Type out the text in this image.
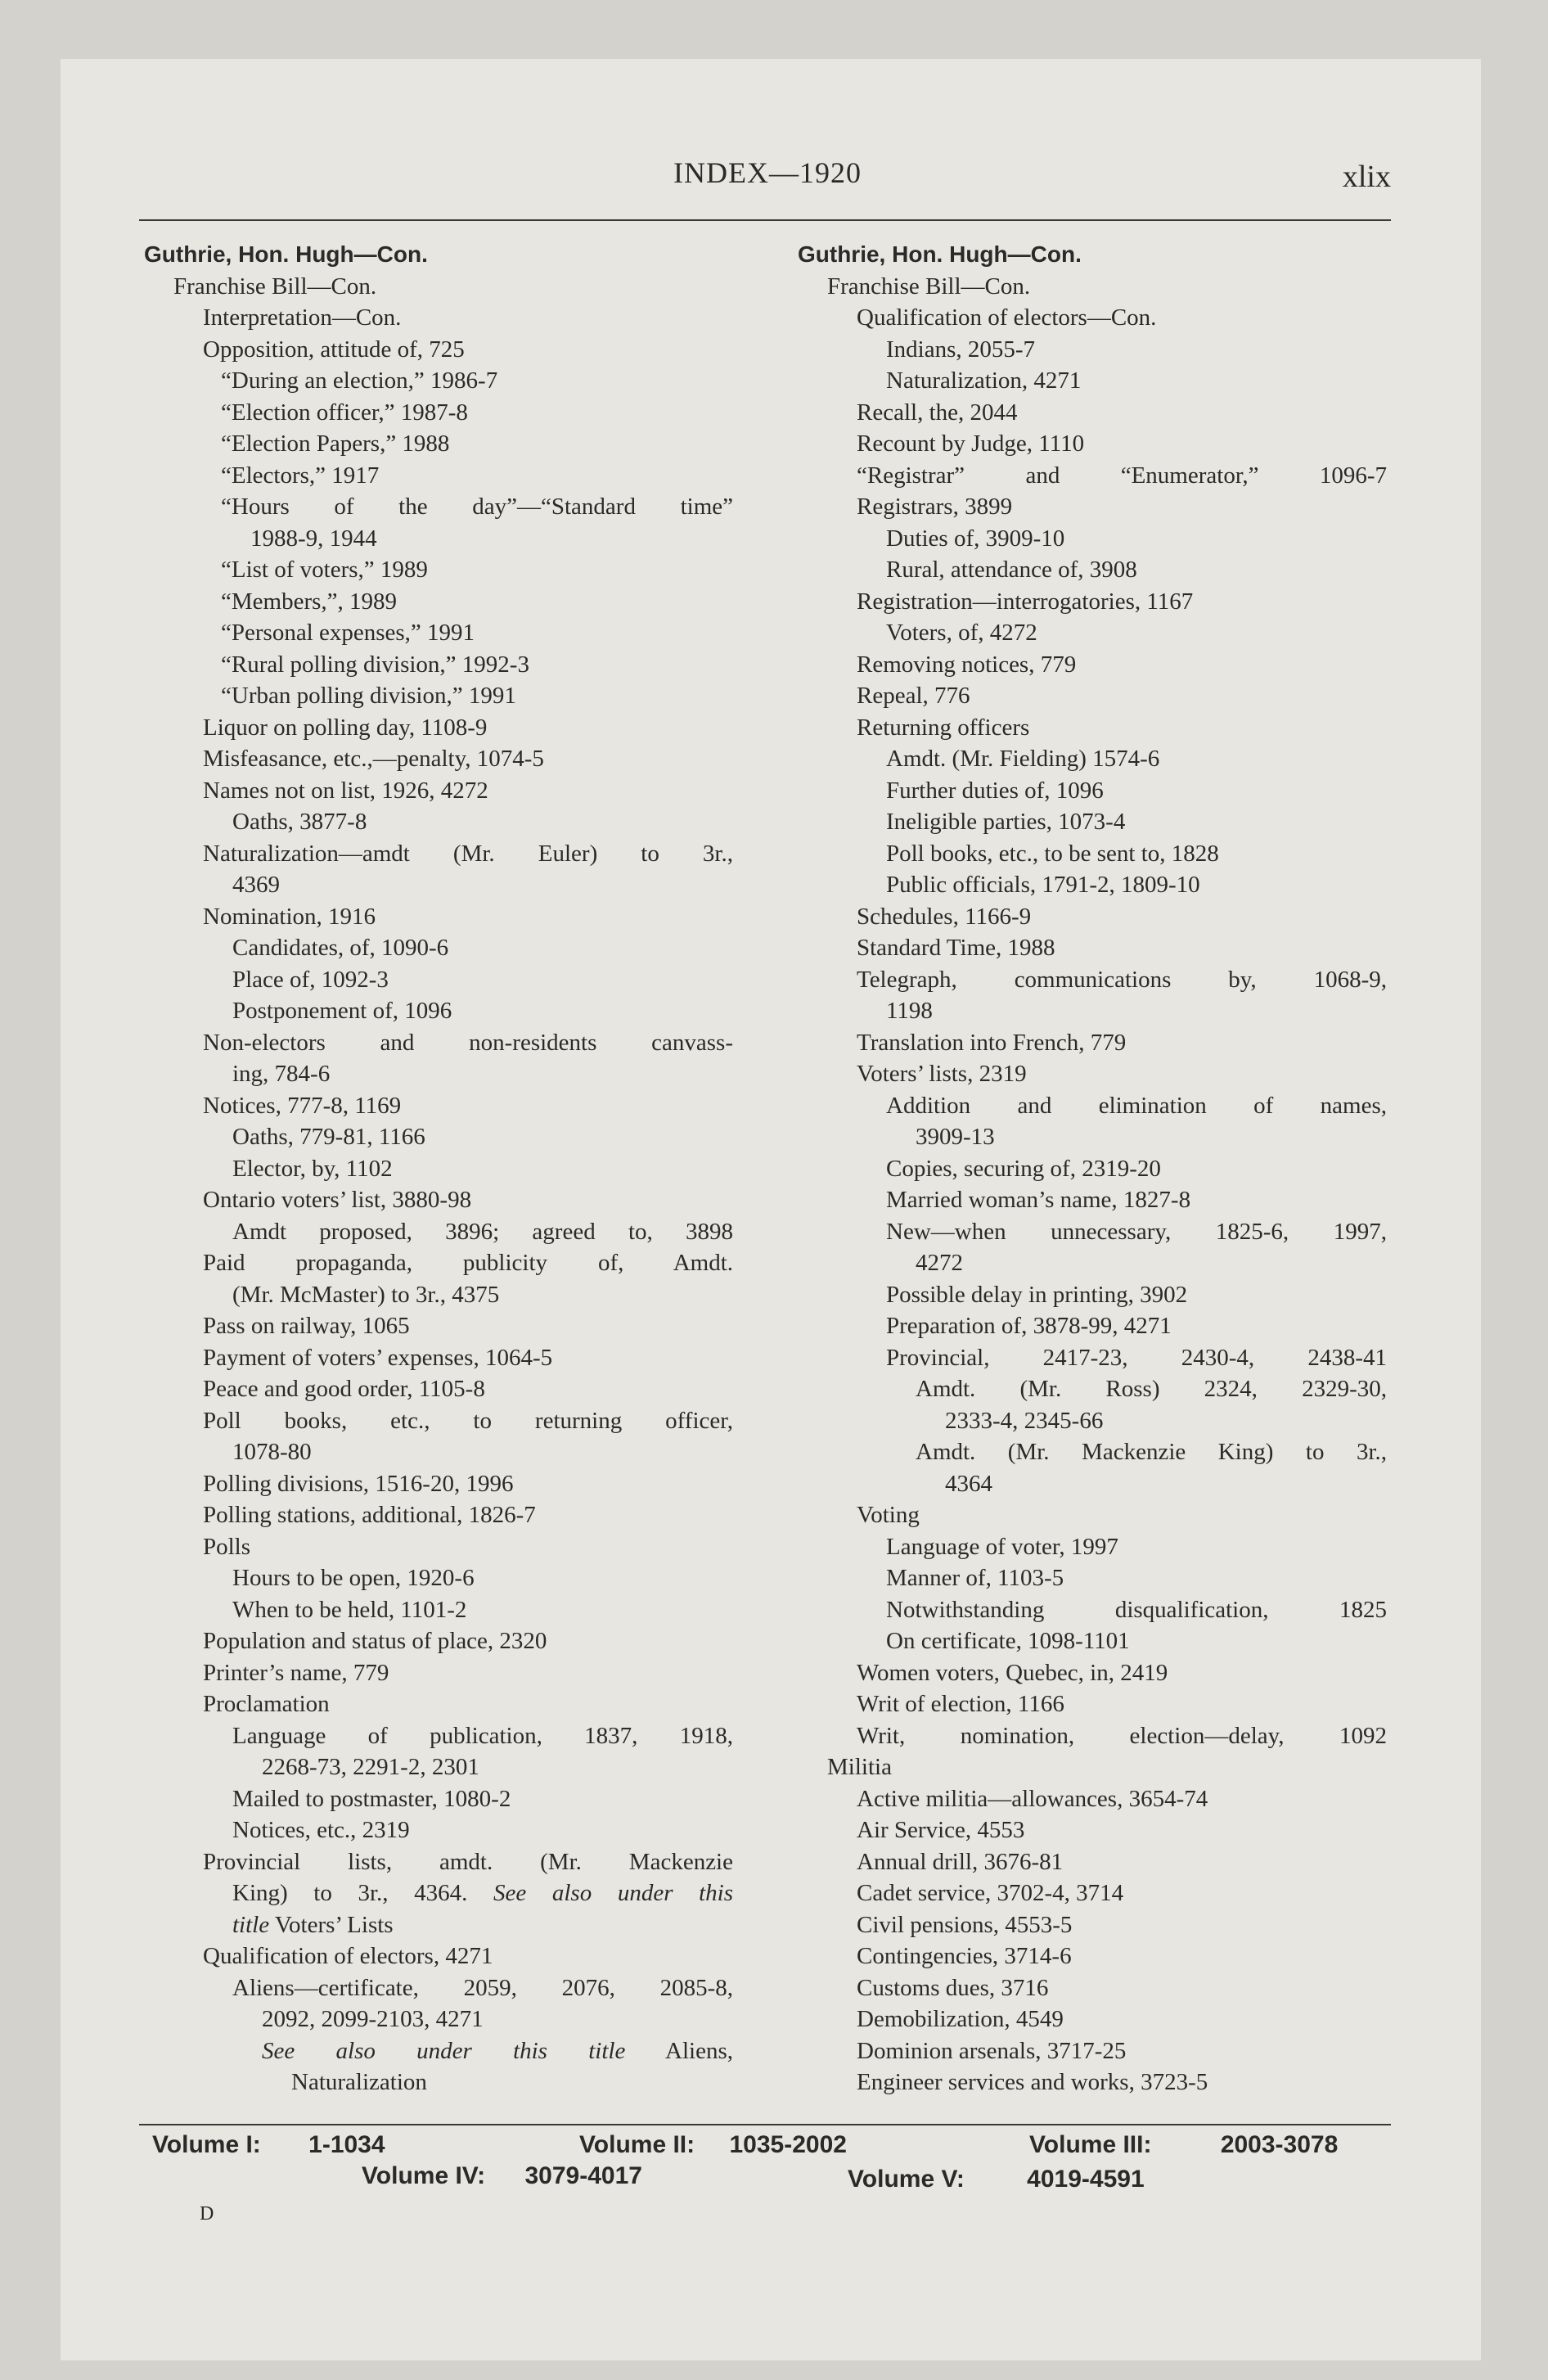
INDEX—1920	xlix
Guthrie, Hon. Hugh—Con.
Franchise Bill—Con.
Interpretation—Con.
Opposition, attitude of, 725
“During an election,” 1986-7
“Election officer,” 1987-8
“Election Papers,” 1988
“Electors,” 1917
“Hours of the day”—“Standard time”
1988-9, 1944
“List of voters,” 1989
“Members,”, 1989
“Personal expenses,” 1991
“Rural polling division,” 1992-3
“Urban polling division,” 1991
Liquor on polling day, 1108-9
Misfeasance, etc.,—penalty, 1074-5
Names not on list, 1926, 4272
Oaths, 3877-8
Naturalization—amdt (Mr. Euler) to 3r.,
4369
Nomination, 1916
Candidates, of, 1090-6
Place of, 1092-3
Postponement of, 1096
Non-electors and non-residents canvass-
ing, 784-6
Notices, 777-8, 1169
Oaths, 779-81, 1166
Elector, by, 1102
Ontario voters’ list, 3880-98
Amdt proposed, 3896; agreed to, 3898
Paid propaganda, publicity of, Amdt.
(Mr. McMaster) to 3r., 4375
Pass on railway, 1065
Payment of voters’ expenses, 1064-5
Peace and good order, 1105-8
Poll books, etc., to returning officer,
1078-80
Polling divisions, 1516-20, 1996
Polling stations, additional, 1826-7
Polls
Hours to be open, 1920-6
When to be held, 1101-2
Population and status of place, 2320
Printer’s name, 779
Proclamation
Language of publication, 1837, 1918,
2268-73, 2291-2, 2301
Mailed to postmaster, 1080-2
Notices, etc., 2319
Provincial lists, amdt. (Mr. Mackenzie
King) to 3r., 4364. See also under this
title Voters’ Lists
Qualification of electors, 4271
Aliens—certificate, 2059, 2076, 2085-8,
2092, 2099-2103, 4271
See also under this title Aliens,
Naturalization
Guthrie, Hon. Hugh—Con.
Franchise Bill—Con.
Qualification of electors—Con.
Indians, 2055-7
Naturalization, 4271
Recall, the, 2044
Recount by Judge, 1110
“Registrar” and “Enumerator,” 1096-7
Registrars, 3899
Duties of, 3909-10
Rural, attendance of, 3908
Registration—interrogatories, 1167
Voters, of, 4272
Removing notices, 779
Repeal, 776
Returning officers
Amdt. (Mr. Fielding) 1574-6
Further duties of, 1096
Ineligible parties, 1073-4
Poll books, etc., to be sent to, 1828
Public officials, 1791-2, 1809-10
Schedules, 1166-9
Standard Time, 1988
Telegraph, communications by, 1068-9,
1198
Translation into French, 779
Voters’ lists, 2319
Addition and elimination of names,
3909-13
Copies, securing of, 2319-20
Married woman’s name, 1827-8
New—when unnecessary, 1825-6, 1997,
4272
Possible delay in printing, 3902
Preparation of, 3878-99, 4271
Provincial, 2417-23, 2430-4, 2438-41
Amdt. (Mr. Ross) 2324, 2329-30,
2333-4, 2345-66
Amdt. (Mr. Mackenzie King) to 3r.,
4364
Voting
Language of voter, 1997
Manner of, 1103-5
Notwithstanding disqualification, 1825
On certificate, 1098-1101
Women voters, Quebec, in, 2419
Writ of election, 1166
Writ, nomination, election—delay, 1092
Militia
Active militia—allowances, 3654-74
Air Service, 4553
Annual drill, 3676-81
Cadet service, 3702-4, 3714
Civil pensions, 4553-5
Contingencies, 3714-6
Customs dues, 3716
Demobilization, 4549
Dominion arsenals, 3717-25
Engineer services and works, 3723-5
Volume I: 1-1034	Volume II: 1035-2002	Volume III:	2003-3078
Volume IV: 3079-4017	Volume V:	4019-4591
D
